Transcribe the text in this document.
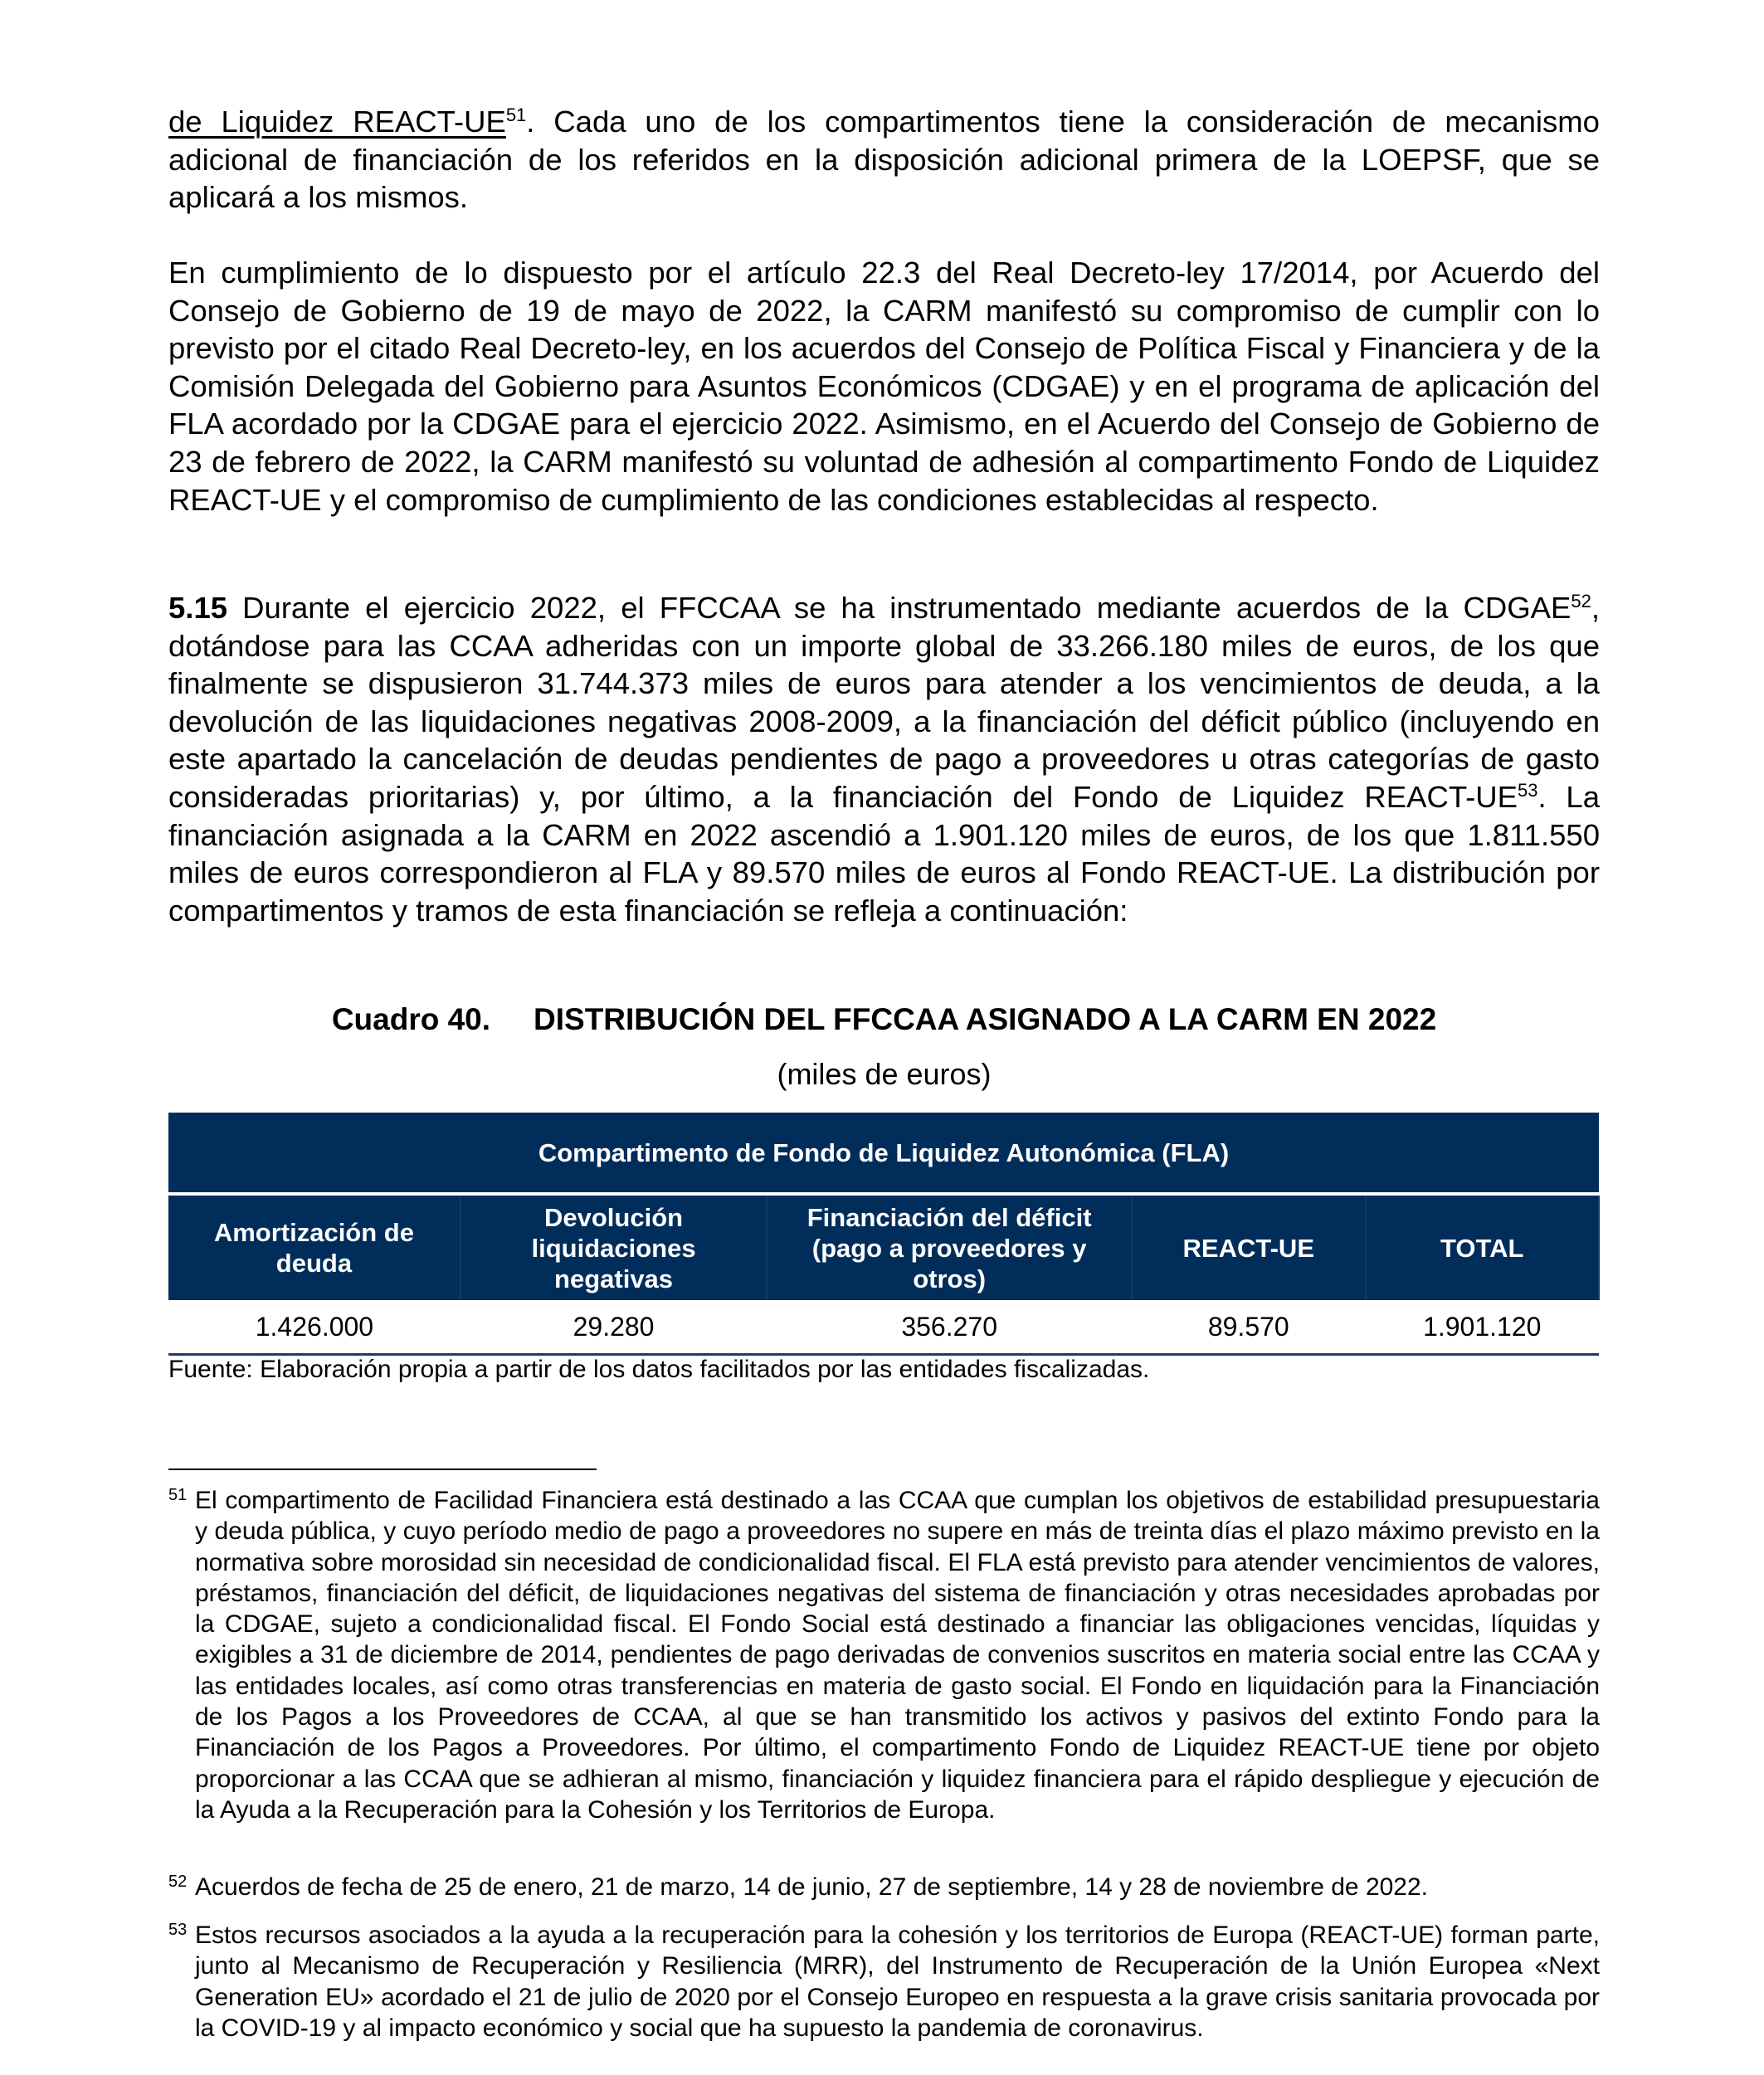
de Liquidez REACT-UE$^{51}$. Cada uno de los compartimentos tiene la consideración de mecanismo adicional de financiación de los referidos en la disposición adicional primera de la LOEPSF, que se aplicará a los mismos.

En cumplimiento de lo dispuesto por el artículo 22.3 del Real Decreto-ley 17/2014, por Acuerdo del Consejo de Gobierno de 19 de mayo de 2022, la CARM manifestó su compromiso de cumplir con lo previsto por el citado Real Decreto-ley, en los acuerdos del Consejo de Política Fiscal y Financiera y de la Comisión Delegada del Gobierno para Asuntos Económicos (CDGAE) y en el programa de aplicación del FLA acordado por la CDGAE para el ejercicio 2022. Asimismo, en el Acuerdo del Consejo de Gobierno de 23 de febrero de 2022, la CARM manifestó su voluntad de adhesión al compartimento Fondo de Liquidez REACT-UE y el compromiso de cumplimiento de las condiciones establecidas al respecto.

5.15 Durante el ejercicio 2022, el FFCCAA se ha instrumentado mediante acuerdos de la CDGAE$^{52}$, dotándose para las CCAA adheridas con un importe global de 33.266.180 miles de euros, de los que finalmente se dispusieron 31.744.373 miles de euros para atender a los vencimientos de deuda, a la devolución de las liquidaciones negativas 2008-2009, a la financiación del déficit público (incluyendo en este apartado la cancelación de deudas pendientes de pago a proveedores u otras categorías de gasto consideradas prioritarias) y, por último, a la financiación del Fondo de Liquidez REACT-UE$^{53}$. La financiación asignada a la CARM en 2022 ascendió a 1.901.120 miles de euros, de los que 1.811.550 miles de euros correspondieron al FLA y 89.570 miles de euros al Fondo REACT-UE. La distribución por compartimentos y tramos de esta financiación se refleja a continuación:

Cuadro 40. DISTRIBUCIÓN DEL FFCCAA ASIGNADO A LA CARM EN 2022
(miles de euros)
Compartimento de Fondo de Liquidez Autonómica (FLA)				
Amortización de deuda	Devolución liquidaciones negativas	Financiación del déficit (pago a proveedores y otros)	REACT-UE	TOTAL
1.426.000	29.280	356.270	89.570	1.901.120
Fuente: Elaboración propia a partir de los datos facilitados por las entidades fiscalizadas.
51 El compartimento de Facilidad Financiera está destinado a las CCAA que cumplan los objetivos de estabilidad presupuestaria y deuda pública, y cuyo período medio de pago a proveedores no supere en más de treinta días el plazo máximo previsto en la normativa sobre morosidad sin necesidad de condicionalidad fiscal. El FLA está previsto para atender vencimientos de valores, préstamos, financiación del déficit, de liquidaciones negativas del sistema de financiación y otras necesidades aprobadas por la CDGAE, sujeto a condicionalidad fiscal. El Fondo Social está destinado a financiar las obligaciones vencidas, líquidas y exigibles a 31 de diciembre de 2014, pendientes de pago derivadas de convenios suscritos en materia social entre las CCAA y las entidades locales, así como otras transferencias en materia de gasto social. El Fondo en liquidación para la Financiación de los Pagos a los Proveedores de CCAA, al que se han transmitido los activos y pasivos del extinto Fondo para la Financiación de los Pagos a Proveedores. Por último, el compartimento Fondo de Liquidez REACT-UE tiene por objeto proporcionar a las CCAA que se adhieran al mismo, financiación y liquidez financiera para el rápido despliegue y ejecución de la Ayuda a la Recuperación para la Cohesión y los Territorios de Europa.

52 Acuerdos de fecha de 25 de enero, 21 de marzo, 14 de junio, 27 de septiembre, 14 y 28 de noviembre de 2022.

53 Estos recursos asociados a la ayuda a la recuperación para la cohesión y los territorios de Europa (REACT-UE) forman parte, junto al Mecanismo de Recuperación y Resiliencia (MRR), del Instrumento de Recuperación de la Unión Europea «Next Generation EU» acordado el 21 de julio de 2020 por el Consejo Europeo en respuesta a la grave crisis sanitaria provocada por la COVID-19 y al impacto económico y social que ha supuesto la pandemia de coronavirus.
